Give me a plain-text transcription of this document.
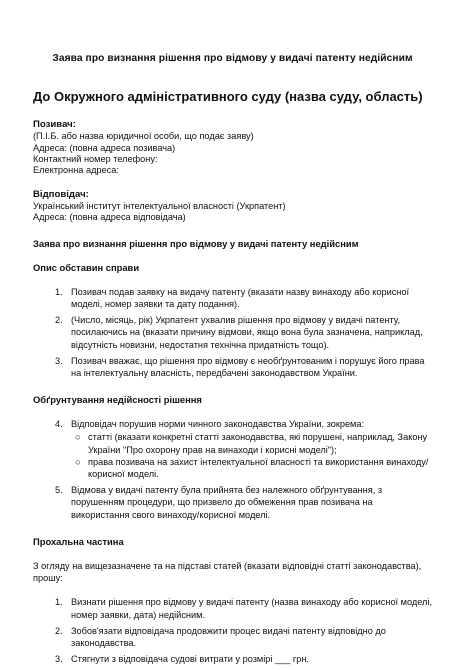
Заява про визнання рішення про відмову у видачі патенту недійсним
До Окружного адміністративного суду (назва суду, область)

Позивач:

(П.І.Б. або назва юридичної особи, що подає заяву)

Адреса: (повна адреса позивача)

Контактний номер телефону:

Електронна адреса:

Відповідач:

Український інститут інтелектуальної власності (Укрпатент)

Адреса: (повна адреса відповідача)

Заява про визнання рішення про відмову у видачі патенту недійсним

Опис обставин справи

1. Позивач подав заявку на видачу патенту (вказати назву винаходу або корисної моделі, номер заявки та дату подання).
2. (Число, місяць, рік) Укрпатент ухвалив рішення про відмову у видачі патенту, посилаючись на (вказати причину відмови, якщо вона була зазначена, наприклад, відсутність новизни, недостатня технічна придатність тощо).
3. Позивач вважає, що рішення про відмову є необґрунтованим і порушує його права на інтелектуальну власність, передбачені законодавством України.

Обґрунтування недійсності рішення

4. Відповідач порушив норми чинного законодавства України, зокрема:
○ статті (вказати конкретні статті законодавства, які порушені, наприклад, Закону України "Про охорону прав на винаходи і корисні моделі");
○ права позивача на захист інтелектуальної власності та використання винаходу/корисної моделі.
5. Відмова у видачі патенту була прийнята без належного обґрунтування, з порушенням процедури, що призвело до обмеження прав позивача на використання свого винаходу/корисної моделі.

Прохальна частина

З огляду на вищезазначене та на підставі статей (вказати відповідні статті законодавства), прошу:

1. Визнати рішення про відмову у видачі патенту (назва винаходу або корисної моделі, номер заявки, дата) недійсним.
2. Зобов'язати відповідача продовжити процес видачі патенту відповідно до законодавства.
3. Стягнути з відповідача судові витрати у розмірі ___ грн.
